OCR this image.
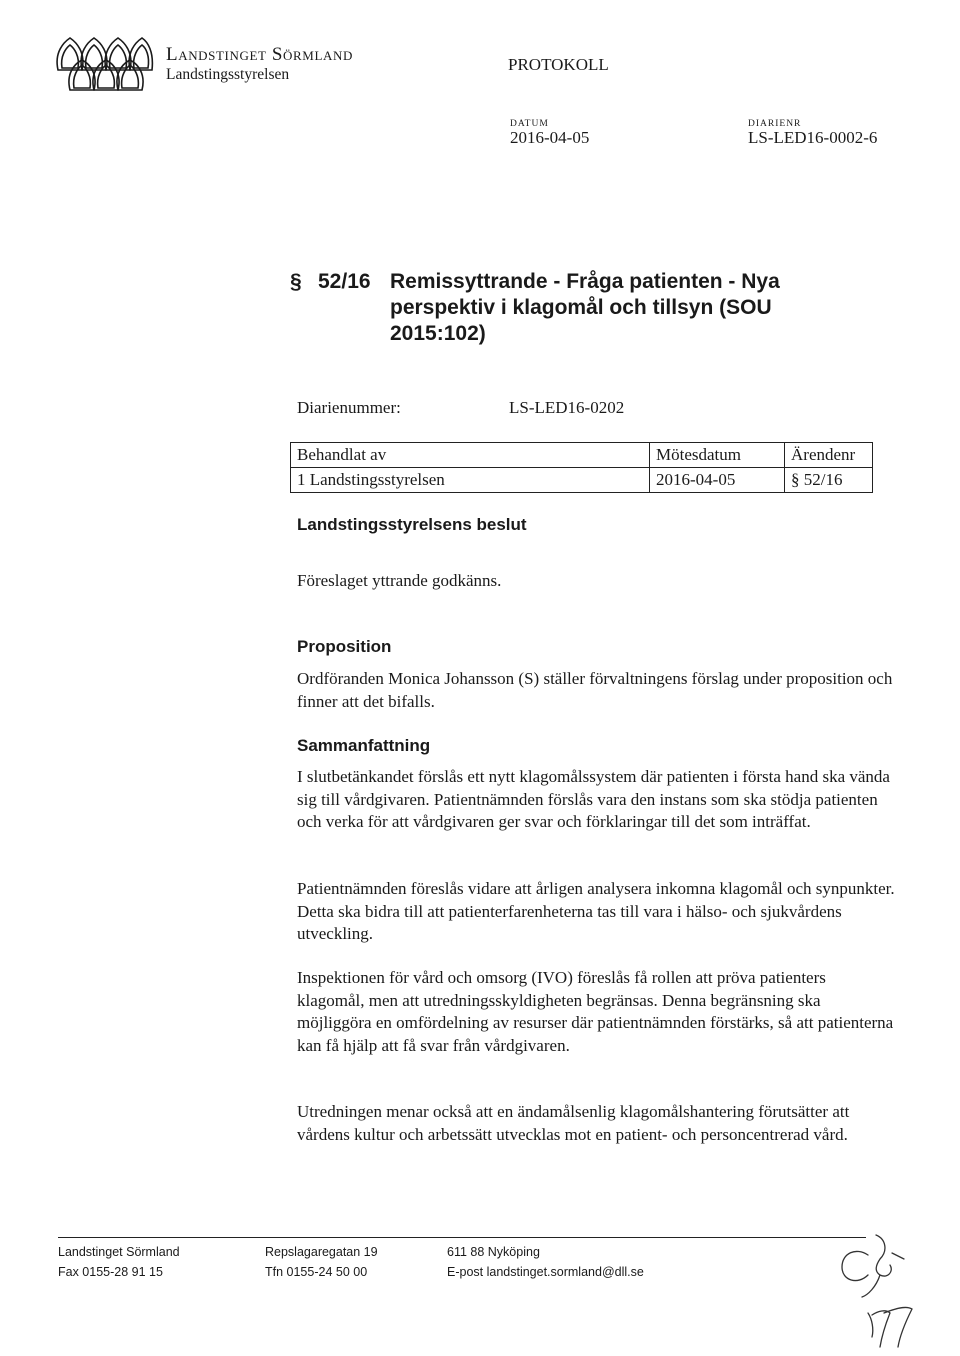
Landstinget Sörmland
Landstingsstyrelsen
PROTOKOLL
DATUM
2016-04-05
DIARIENR
LS-LED16-0002-6
§ 52/16 Remissyttrande - Fråga patienten - Nya perspektiv i klagomål och tillsyn (SOU 2015:102)
Diarienummer:	LS-LED16-0202
Behandlat av	Mötesdatum	Ärendenr
1 Landstingsstyrelsen	2016-04-05	§ 52/16
Landstingsstyrelsens beslut
Föreslaget yttrande godkänns.
Proposition
Ordföranden Monica Johansson (S) ställer förvaltningens förslag under proposition och finner att det bifalls.
Sammanfattning
I slutbetänkandet förslås ett nytt klagomålssystem där patienten i första hand ska vända sig till vårdgivaren. Patientnämnden förslås vara den instans som ska stödja patienten och verka för att vårdgivaren ger svar och förklaringar till det som inträffat.
Patientnämnden föreslås vidare att årligen analysera inkomna klagomål och synpunkter. Detta ska bidra till att patienterfarenheterna tas till vara i hälso- och sjukvårdens utveckling.
Inspektionen för vård och omsorg (IVO) föreslås få rollen att pröva patienters klagomål, men att utredningsskyldigheten begränsas. Denna begränsning ska möjliggöra en omfördelning av resurser där patientnämnden förstärks, så att patienterna kan få hjälp att få svar från vårdgivaren.
Utredningen menar också att en ändamålsenlig klagomålshantering förutsätter att vårdens kultur och arbetssätt utvecklas mot en patient- och personcentrerad vård.
Landstinget Sörmland
Fax 0155-28 91 15
Repslagaregatan 19
Tfn 0155-24 50 00
611 88 Nyköping
E-post landstinget.sormland@dll.se
